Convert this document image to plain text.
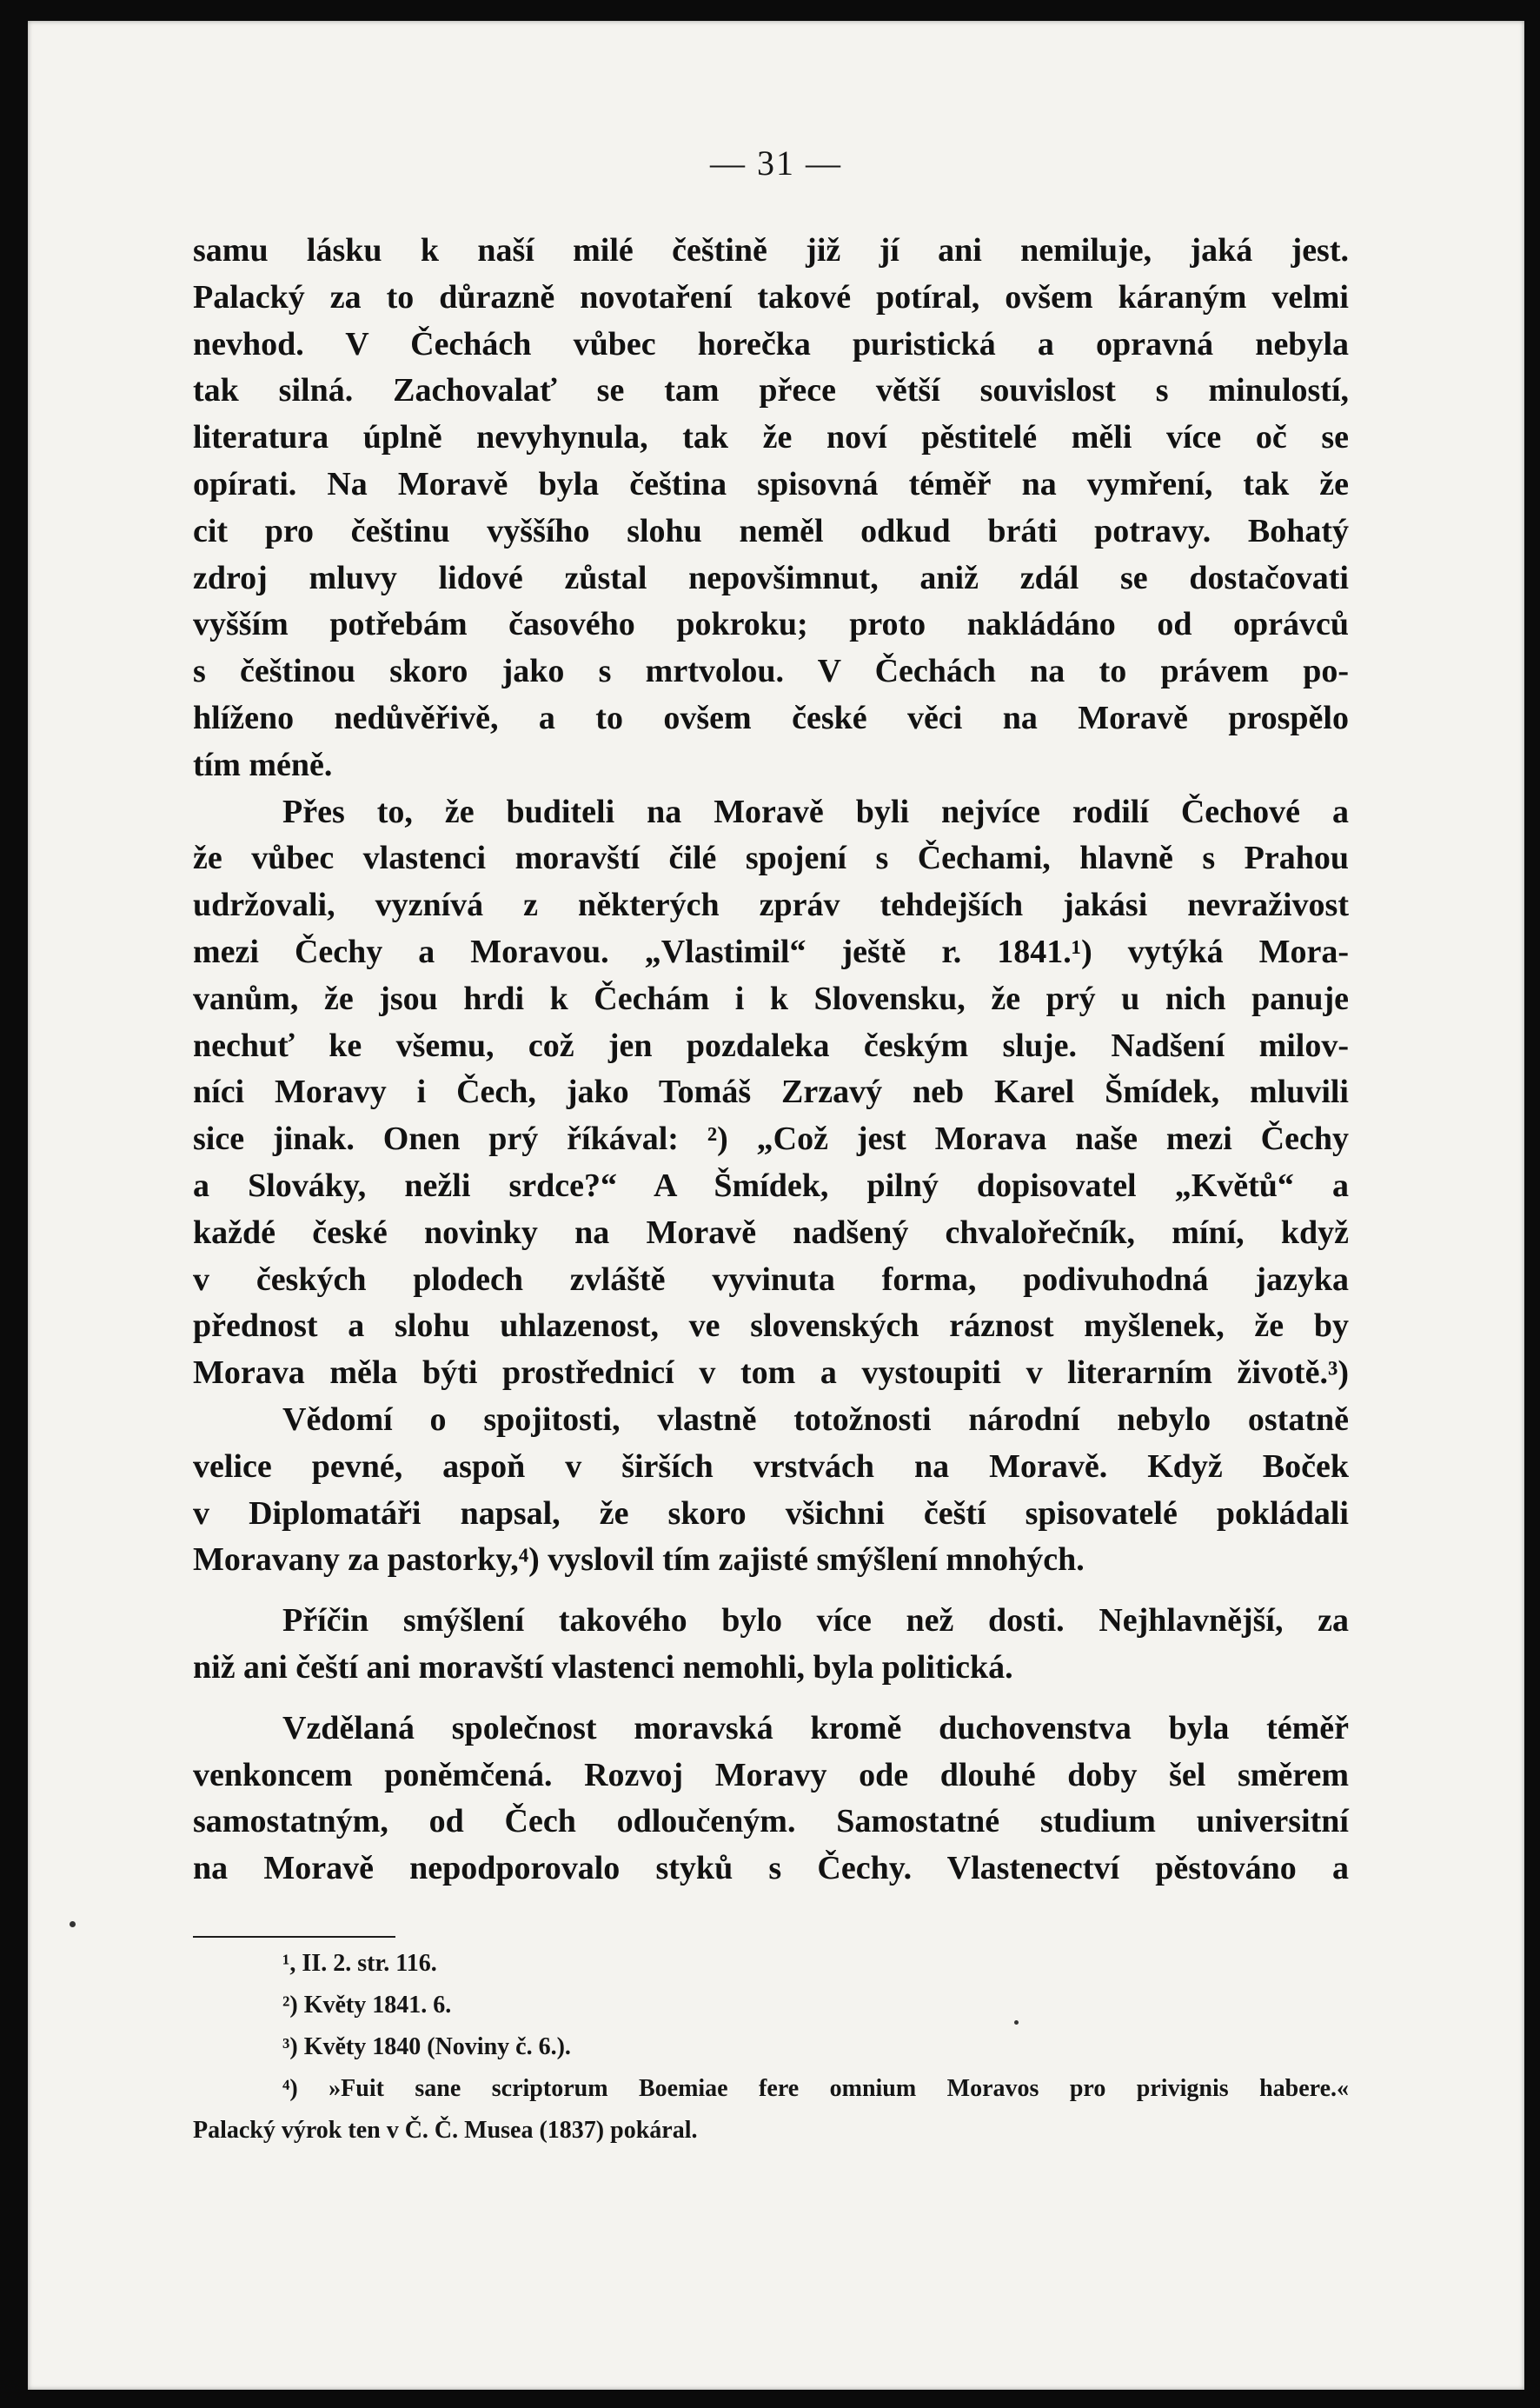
— 31 —
samu lásku k naší milé češtině již jí ani nemiluje, jaká jest.
Palacký za to důrazně novotaření takové potíral, ovšem káraným velmi
nevhod. V Čechách vůbec horečka puristická a opravná nebyla
tak silná. Zachovalať se tam přece větší souvislost s minulostí,
literatura úplně nevyhynula, tak že noví pěstitelé měli více oč se
opírati. Na Moravě byla čeština spisovná téměř na vymření, tak že
cit pro češtinu vyššího slohu neměl odkud bráti potravy. Bohatý
zdroj mluvy lidové zůstal nepovšimnut, aniž zdál se dostačovati
vyšším potřebám časového pokroku; proto nakládáno od oprávců
s češtinou skoro jako s mrtvolou. V Čechách na to právem po-
hlíženo nedůvěřivě, a to ovšem české věci na Moravě prospělo
tím méně.
Přes to, že buditeli na Moravě byli nejvíce rodilí Čechové a
že vůbec vlastenci moravští čilé spojení s Čechami, hlavně s Prahou
udržovali, vyznívá z některých zpráv tehdejších jakási nevraživost
mezi Čechy a Moravou. „Vlastimil“ ještě r. 1841.¹) vytýká Mora-
vanům, že jsou hrdi k Čechám i k Slovensku, že prý u nich panuje
nechuť ke všemu, což jen pozdaleka českým sluje. Nadšení milov-
níci Moravy i Čech, jako Tomáš Zrzavý neb Karel Šmídek, mluvili
sice jinak. Onen prý říkával: ²) „Což jest Morava naše mezi Čechy
a Slováky, nežli srdce?“ A Šmídek, pilný dopisovatel „Květů“ a
každé české novinky na Moravě nadšený chvalořečník, míní, když
v českých plodech zvláště vyvinuta forma, podivuhodná jazyka
přednost a slohu uhlazenost, ve slovenských ráznost myšlenek, že by
Morava měla býti prostřednicí v tom a vystoupiti v literarním životě.³)
Vědomí o spojitosti, vlastně totožnosti národní nebylo ostatně
velice pevné, aspoň v širších vrstvách na Moravě. Když Boček
v Diplomatáři napsal, že skoro všichni čeští spisovatelé pokládali
Moravany za pastorky,⁴) vyslovil tím zajisté smýšlení mnohých.
Příčin smýšlení takového bylo více než dosti. Nejhlavnější, za
niž ani čeští ani moravští vlastenci nemohli, byla politická.
Vzdělaná společnost moravská kromě duchovenstva byla téměř
venkoncem poněmčená. Rozvoj Moravy ode dlouhé doby šel směrem
samostatným, od Čech odloučeným. Samostatné studium universitní
na Moravě nepodporovalo styků s Čechy. Vlastenectví pěstováno a
¹, II. 2. str. 116.
²) Květy 1841. 6.
³) Květy 1840 (Noviny č. 6.).
⁴) »Fuit sane scriptorum Boemiae fere omnium Moravos pro privignis habere.«
Palacký výrok ten v Č. Č. Musea (1837) pokáral.
